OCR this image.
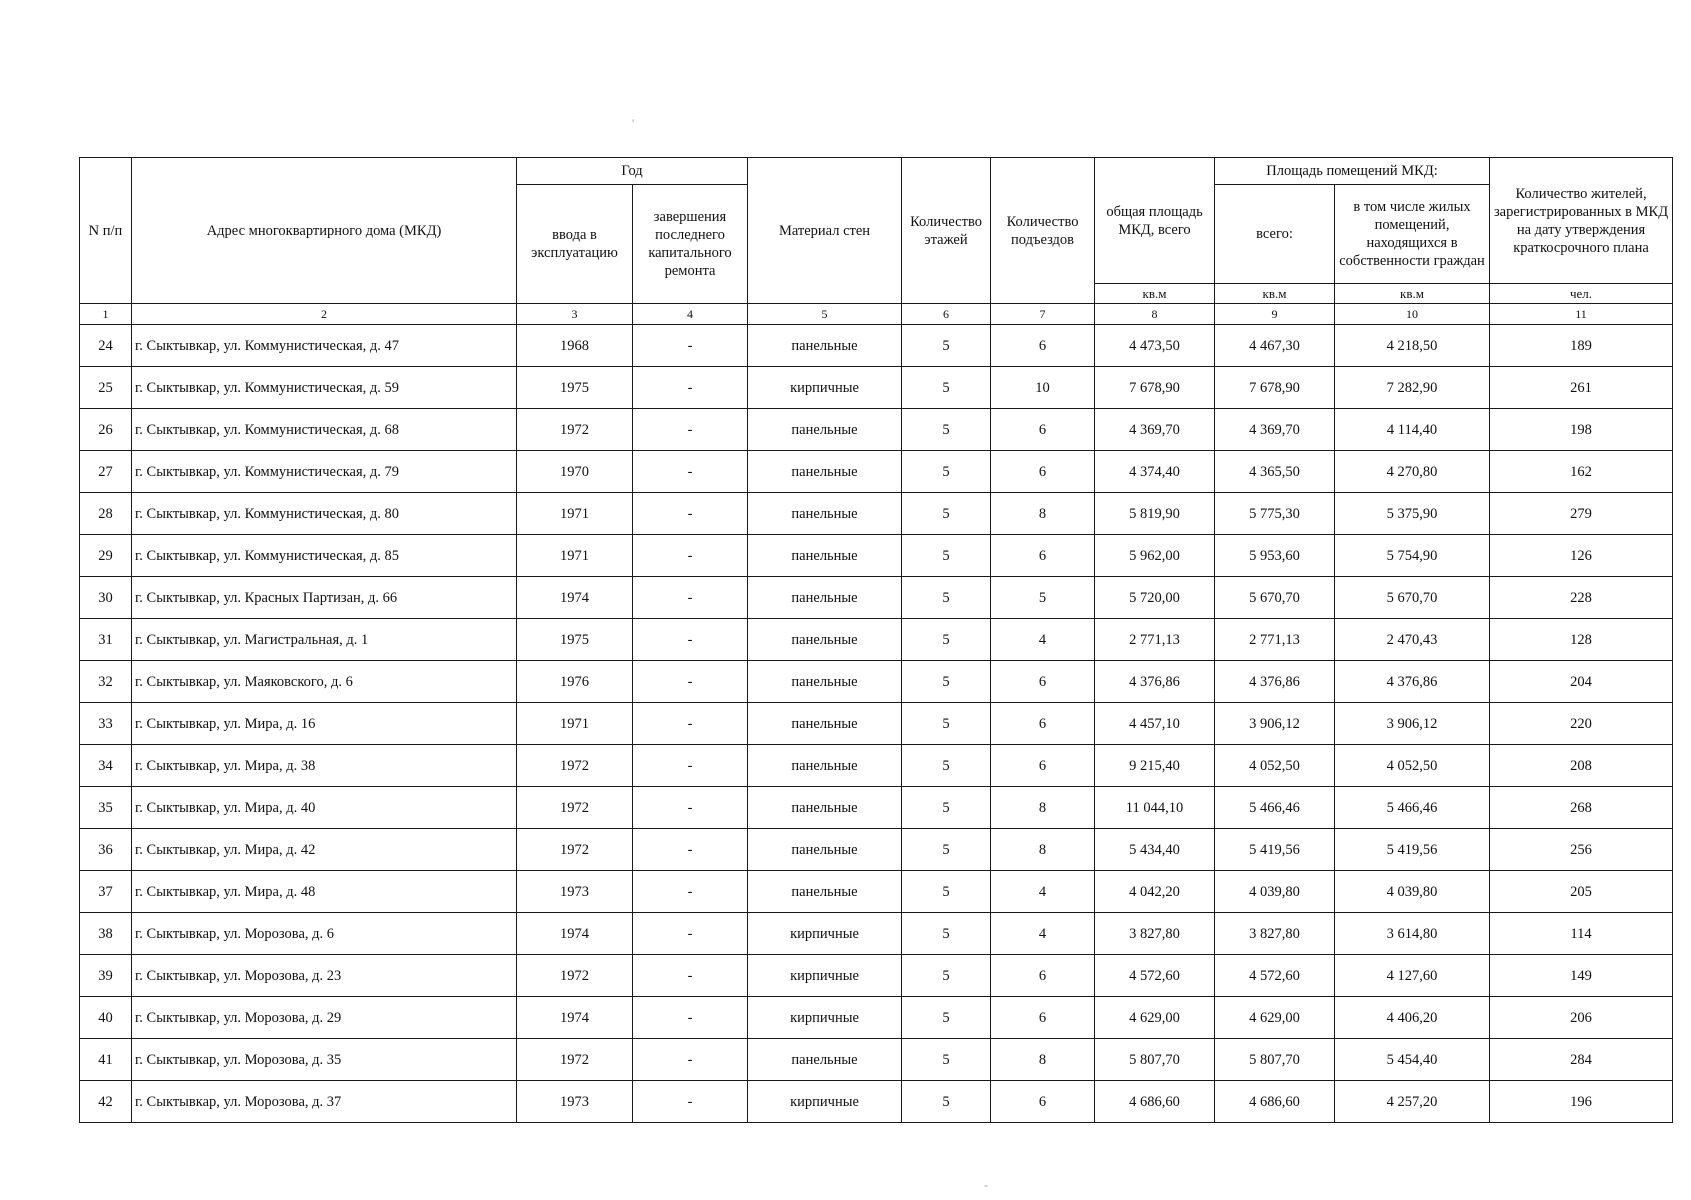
'
-
N п/п	Адрес многоквартирного дома (МКД)	Год		Материал стен	Количество этажей	Количество подъездов	общая площадь МКД, всего	Площадь помещений МКД:		Количество жителей, зарегистрированных в МКД на дату утверждения краткосрочного плана
		ввода в эксплуатацию	завершения последнего капитального ремонта					всего:	в том числе жилых помещений, находящихся в собственности граждан	
							кв.м	кв.м	кв.м	чел.
1	2	3	4	5	6	7	8	9	10	11
24	г. Сыктывкар, ул. Коммунистическая, д. 47	1968	-	панельные	5	6	4 473,50	4 467,30	4 218,50	189
25	г. Сыктывкар, ул. Коммунистическая, д. 59	1975	-	кирпичные	5	10	7 678,90	7 678,90	7 282,90	261
26	г. Сыктывкар, ул. Коммунистическая, д. 68	1972	-	панельные	5	6	4 369,70	4 369,70	4 114,40	198
27	г. Сыктывкар, ул. Коммунистическая, д. 79	1970	-	панельные	5	6	4 374,40	4 365,50	4 270,80	162
28	г. Сыктывкар, ул. Коммунистическая, д. 80	1971	-	панельные	5	8	5 819,90	5 775,30	5 375,90	279
29	г. Сыктывкар, ул. Коммунистическая, д. 85	1971	-	панельные	5	6	5 962,00	5 953,60	5 754,90	126
30	г. Сыктывкар, ул. Красных Партизан, д. 66	1974	-	панельные	5	5	5 720,00	5 670,70	5 670,70	228
31	г. Сыктывкар, ул. Магистральная, д. 1	1975	-	панельные	5	4	2 771,13	2 771,13	2 470,43	128
32	г. Сыктывкар, ул. Маяковского, д. 6	1976	-	панельные	5	6	4 376,86	4 376,86	4 376,86	204
33	г. Сыктывкар, ул. Мира, д. 16	1971	-	панельные	5	6	4 457,10	3 906,12	3 906,12	220
34	г. Сыктывкар, ул. Мира, д. 38	1972	-	панельные	5	6	9 215,40	4 052,50	4 052,50	208
35	г. Сыктывкар, ул. Мира, д. 40	1972	-	панельные	5	8	11 044,10	5 466,46	5 466,46	268
36	г. Сыктывкар, ул. Мира, д. 42	1972	-	панельные	5	8	5 434,40	5 419,56	5 419,56	256
37	г. Сыктывкар, ул. Мира, д. 48	1973	-	панельные	5	4	4 042,20	4 039,80	4 039,80	205
38	г. Сыктывкар, ул. Морозова, д. 6	1974	-	кирпичные	5	4	3 827,80	3 827,80	3 614,80	114
39	г. Сыктывкар, ул. Морозова, д. 23	1972	-	кирпичные	5	6	4 572,60	4 572,60	4 127,60	149
40	г. Сыктывкар, ул. Морозова, д. 29	1974	-	кирпичные	5	6	4 629,00	4 629,00	4 406,20	206
41	г. Сыктывкар, ул. Морозова, д. 35	1972	-	панельные	5	8	5 807,70	5 807,70	5 454,40	284
42	г. Сыктывкар, ул. Морозова, д. 37	1973	-	кирпичные	5	6	4 686,60	4 686,60	4 257,20	196
